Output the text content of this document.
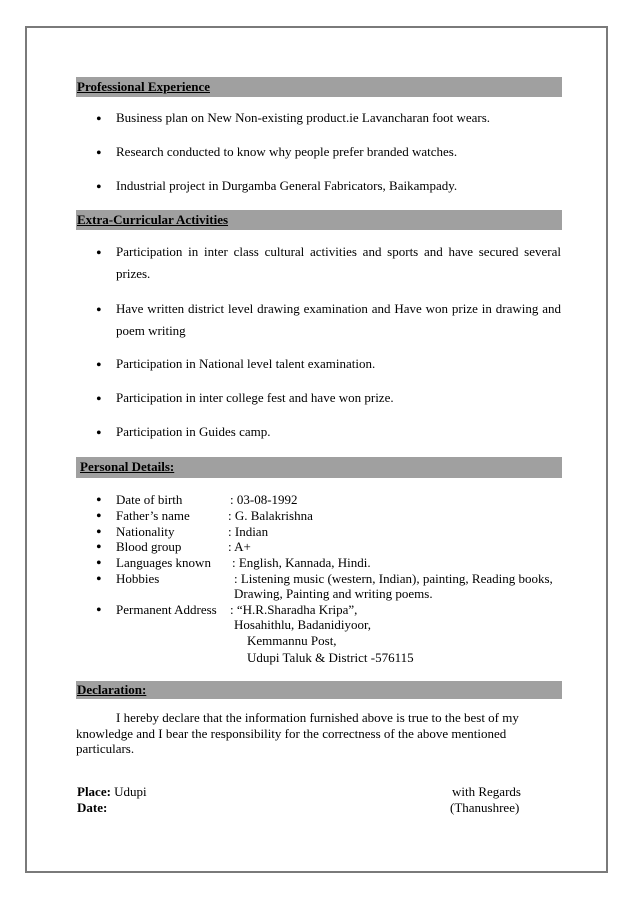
Professional Experience
• Business plan on New Non-existing product.ie Lavancharan foot wears.
• Research conducted to know why people prefer branded watches.
• Industrial project in Durgamba General Fabricators, Baikampady.
Extra-Curricular Activities
• Participation in inter class cultural activities and sports and have secured several
prizes.
• Have written district level drawing examination and Have won prize in drawing and
poem writing
• Participation in National level talent examination.
• Participation in inter college fest and have won prize.
• Participation in Guides camp.
Personal Details:
• Date of birth	: 03-08-1992
• Father’s name	: G. Balakrishna
• Nationality	: Indian
• Blood group	: A+
• Languages known : English, Kannada, Hindi.
• Hobbies	: Listening music (western, Indian), painting, Reading books,
Drawing, Painting and writing poems.
• Permanent Address : “H.R.Sharadha Kripa”,
Hosahithlu, Badanidiyoor,
Kemmannu Post,
Udupi Taluk & District -576115
Declaration:
I hereby declare that the information furnished above is true to the best of my
knowledge and I bear the responsibility for the correctness of the above mentioned
particulars.
Place: Udupi
Date:
with Regards
(Thanushree)
